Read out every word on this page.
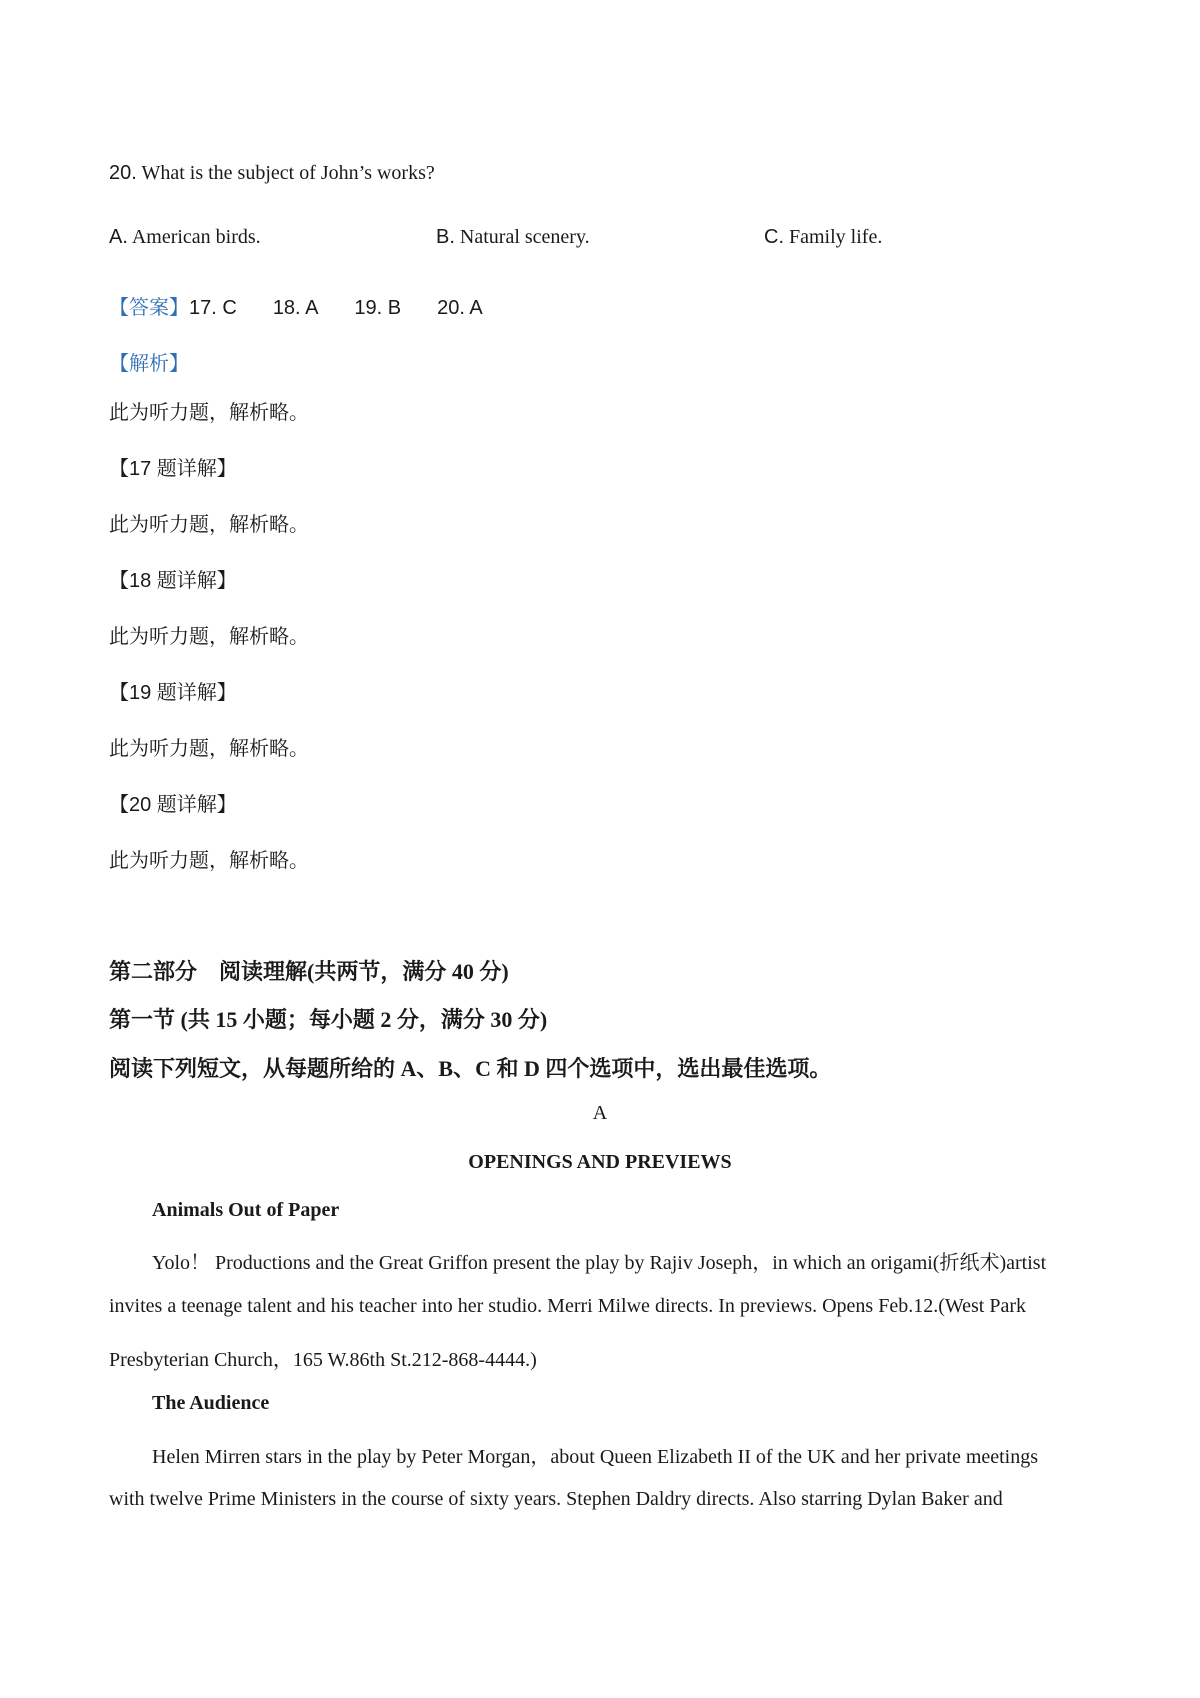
20. What is the subject of John’s works?
A. American birds.	B. Natural scenery.	C. Family life.
【答案】17. C 18. A 19. B 20. A
【解析】
此为听力题，解析略。
【17 题详解】
此为听力题，解析略。
【18 题详解】
此为听力题，解析略。
【19 题详解】
此为听力题，解析略。
【20 题详解】
此为听力题，解析略。
第二部分　阅读理解(共两节，满分 40 分)
第一节 (共 15 小题；每小题 2 分，满分 30 分)
阅读下列短文，从每题所给的 A、B、C 和 D 四个选项中，选出最佳选项。
A
OPENINGS AND PREVIEWS
Animals Out of Paper
Yolo！ Productions and the Great Griffon present the play by Rajiv Joseph，in which an origami(折纸术)artist
invites a teenage talent and his teacher into her studio. Merri Milwe directs. In previews. Opens Feb.12.(West Park
Presbyterian Church，165 W.86th St.212-868-4444.)
The Audience
Helen Mirren stars in the play by Peter Morgan，about Queen Elizabeth II of the UK and her private meetings
with twelve Prime Ministers in the course of sixty years. Stephen Daldry directs. Also starring Dylan Baker and
